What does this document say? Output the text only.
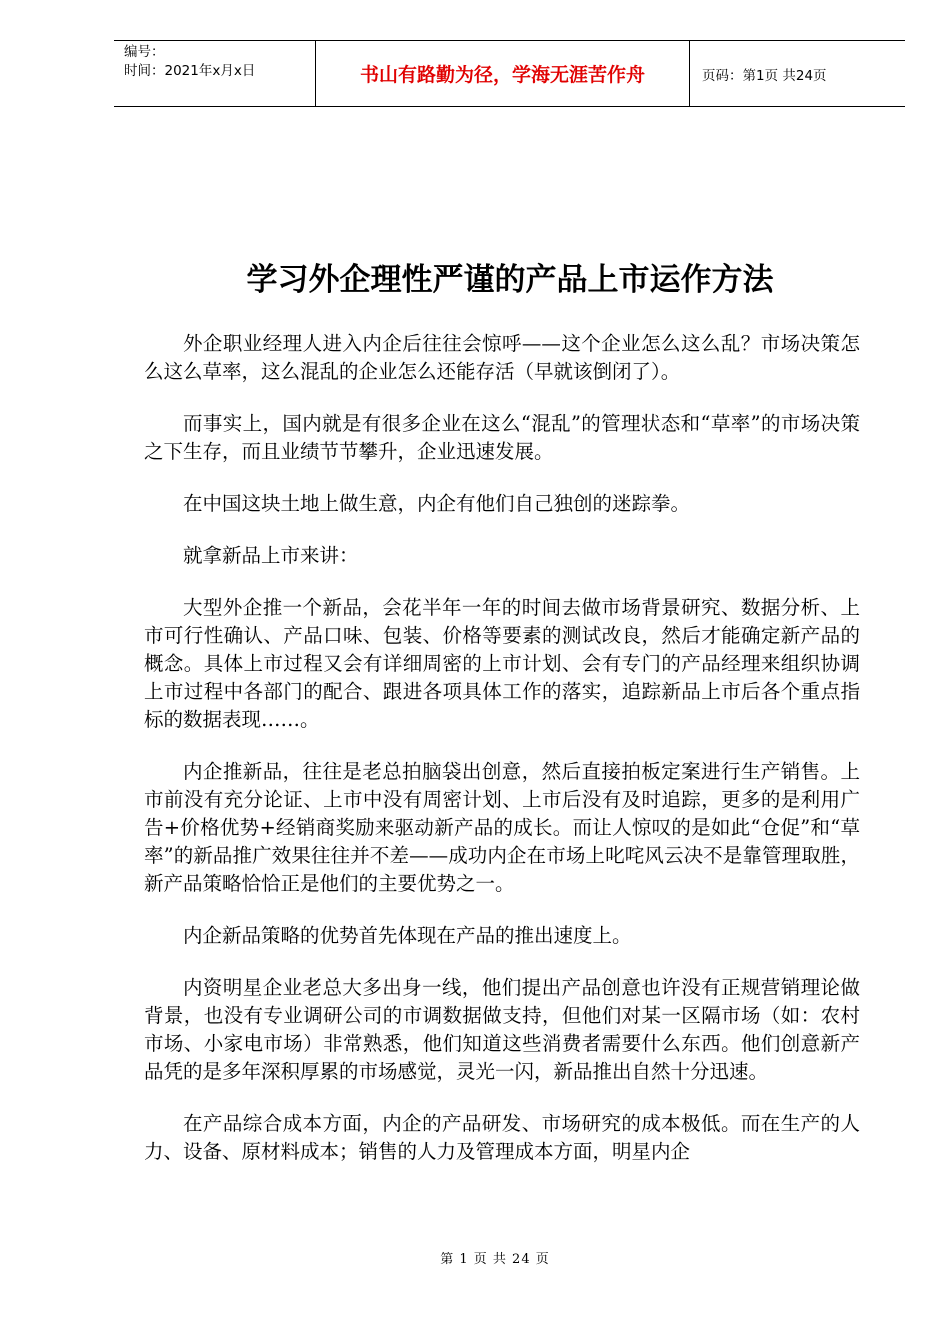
编号：
时间：2021年x月x日	书山有路勤为径，学海无涯苦作舟	页码：第1页 共24页
学习外企理性严谨的产品上市运作方法

外企职业经理人进入内企后往往会惊呼——这个企业怎么这么乱？市场决策怎么这么草率，这么混乱的企业怎么还能存活（早就该倒闭了）。

而事实上，国内就是有很多企业在这么“混乱”的管理状态和“草率”的市场决策之下生存，而且业绩节节攀升，企业迅速发展。

在中国这块土地上做生意，内企有他们自己独创的迷踪拳。

就拿新品上市来讲：

大型外企推一个新品，会花半年一年的时间去做市场背景研究、数据分析、上市可行性确认、产品口味、包装、价格等要素的测试改良，然后才能确定新产品的概念。具体上市过程又会有详细周密的上市计划、会有专门的产品经理来组织协调上市过程中各部门的配合、跟进各项具体工作的落实，追踪新品上市后各个重点指标的数据表现……。

内企推新品，往往是老总拍脑袋出创意，然后直接拍板定案进行生产销售。上市前没有充分论证、上市中没有周密计划、上市后没有及时追踪，更多的是利用广告+价格优势+经销商奖励来驱动新产品的成长。而让人惊叹的是如此“仓促”和“草率”的新品推广效果往往并不差——成功内企在市场上叱咤风云决不是靠管理取胜，新产品策略恰恰正是他们的主要优势之一。

内企新品策略的优势首先体现在产品的推出速度上。

内资明星企业老总大多出身一线，他们提出产品创意也许没有正规营销理论做背景，也没有专业调研公司的市调数据做支持，但他们对某一区隔市场（如：农村市场、小家电市场）非常熟悉，他们知道这些消费者需要什么东西。他们创意新产品凭的是多年深积厚累的市场感觉，灵光一闪，新品推出自然十分迅速。

在产品综合成本方面，内企的产品研发、市场研究的成本极低。而在生产的人力、设备、原材料成本；销售的人力及管理成本方面，明星内企

第 1 页 共 24 页
